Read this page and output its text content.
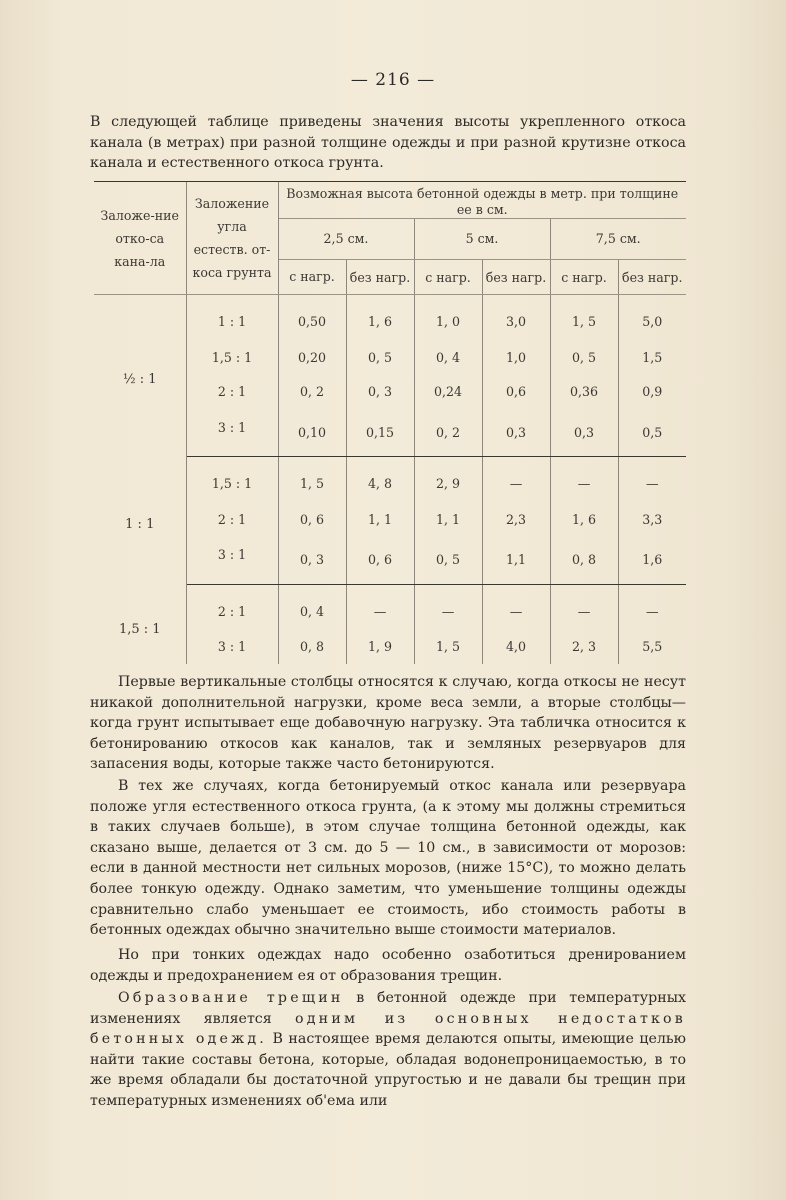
— 216 —

В следующей таблице приведены значения высоты укрепленного откоса канала (в метрах) при разной толщине одежды и при разной крутизне откоса канала и естественного откоса грунта.

Заложе-ние отко-са кана-ла	Заложение угла естеств. от-коса грунта	Возможная высота бетонной одежды в метр. при толщине ее в см.					
		2,5 см.		5 см.		7,5 см.	
		с нагр.	без нагр.	с нагр.	без нагр.	с нагр.	без нагр.
½ : 1	1 : 1	0,50	1, 6	1, 0	3,0	1, 5	5,0
	1,5 : 1	0,20	0, 5	0, 4	1,0	0, 5	1,5
	2 : 1	0, 2	0, 3	0,24	0,6	0,36	0,9
	3 : 1	0,10	0,15	0, 2	0,3	0,3	0,5
1 : 1	1,5 : 1	1, 5	4, 8	2, 9	—	—	—
	2 : 1	0, 6	1, 1	1, 1	2,3	1, 6	3,3
	3 : 1	0, 3	0, 6	0, 5	1,1	0, 8	1,6
1,5 : 1	2 : 1	0, 4	—	—	—	—	—
	3 : 1	0, 8	1, 9	1, 5	4,0	2, 3	5,5

Первые вертикальные столбцы относятся к случаю, когда откосы не несут никакой дополнительной нагрузки, кроме веса земли, а вторые столбцы— когда грунт испытывает еще добавочную нагрузку. Эта табличка относится к бетонированию откосов как каналов, так и земляных резервуаров для запасения воды, которые также часто бетонируются.

В тех же случаях, когда бетонируемый откос канала или резервуара положе угля естественного откоса грунта, (а к этому мы должны стремиться в таких случаев больше), в этом случае толщина бетонной одежды, как сказано выше, делается от 3 см. до 5 — 10 см., в зависимости от морозов: если в данной местности нет сильных морозов, (ниже 15°С), то можно делать более тонкую одежду. Однако заметим, что уменьшение толщины одежды сравнительно слабо уменьшает ее стоимость, ибо стоимость работы в бетонных одеждах обычно значительно выше стоимости материалов.

Но при тонких одеждах надо особенно озаботиться дренированием одежды и предохранением ея от образования трещин.

Образование трещин в бетонной одежде при температурных изменениях является одним из основных недостатков бетонных одежд. В настоящее время делаются опыты, имеющие целью найти такие составы бетона, которые, обладая водонепроницаемостью, в то же время обладали бы достаточной упругостью и не давали бы трещин при температурных изменениях об'ема или
